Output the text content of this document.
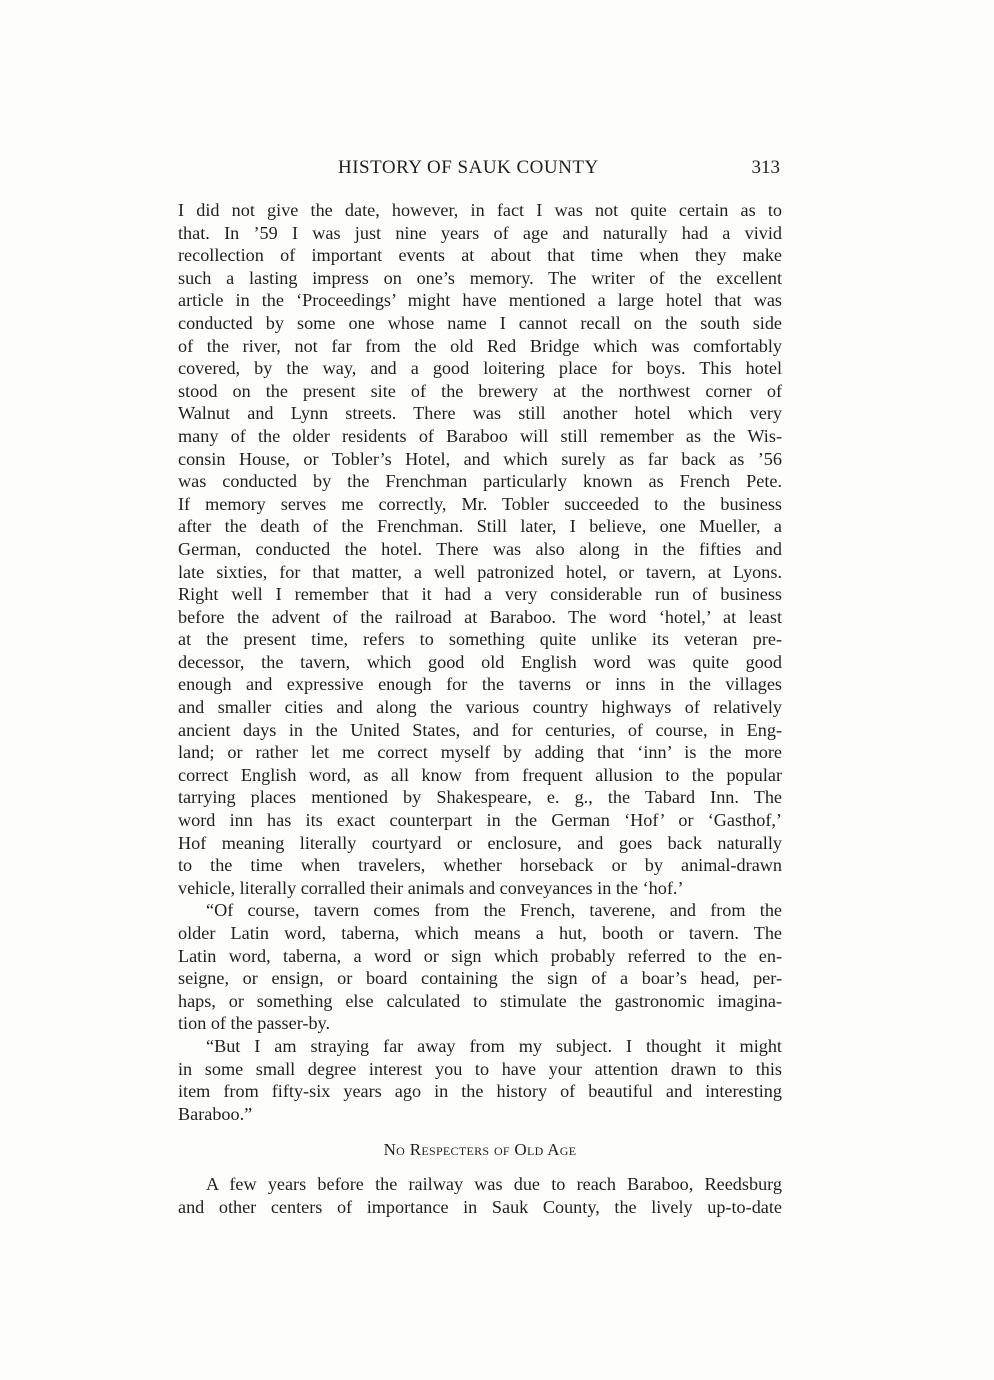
HISTORY OF SAUK COUNTY	313
I did not give the date, however, in fact I was not quite certain as to
that. In ’59 I was just nine years of age and naturally had a vivid
recollection of important events at about that time when they make
such a lasting impress on one’s memory. The writer of the excellent
article in the ‘Proceedings’ might have mentioned a large hotel that was
conducted by some one whose name I cannot recall on the south side
of the river, not far from the old Red Bridge which was comfortably
covered, by the way, and a good loitering place for boys. This hotel
stood on the present site of the brewery at the northwest corner of
Walnut and Lynn streets. There was still another hotel which very
many of the older residents of Baraboo will still remember as the Wis-
consin House, or Tobler’s Hotel, and which surely as far back as ’56
was conducted by the Frenchman particularly known as French Pete.
If memory serves me correctly, Mr. Tobler succeeded to the business
after the death of the Frenchman. Still later, I believe, one Mueller, a
German, conducted the hotel. There was also along in the fifties and
late sixties, for that matter, a well patronized hotel, or tavern, at Lyons.
Right well I remember that it had a very considerable run of business
before the advent of the railroad at Baraboo. The word ‘hotel,’ at least
at the present time, refers to something quite unlike its veteran pre-
decessor, the tavern, which good old English word was quite good
enough and expressive enough for the taverns or inns in the villages
and smaller cities and along the various country highways of relatively
ancient days in the United States, and for centuries, of course, in Eng-
land; or rather let me correct myself by adding that ‘inn’ is the more
correct English word, as all know from frequent allusion to the popular
tarrying places mentioned by Shakespeare, e. g., the Tabard Inn. The
word inn has its exact counterpart in the German ‘Hof’ or ‘Gasthof,’
Hof meaning literally courtyard or enclosure, and goes back naturally
to the time when travelers, whether horseback or by animal-drawn
vehicle, literally corralled their animals and conveyances in the ‘hof.’
“Of course, tavern comes from the French, taverene, and from the
older Latin word, taberna, which means a hut, booth or tavern. The
Latin word, taberna, a word or sign which probably referred to the en-
seigne, or ensign, or board containing the sign of a boar’s head, per-
haps, or something else calculated to stimulate the gastronomic imagina-
tion of the passer-by.
“But I am straying far away from my subject. I thought it might
in some small degree interest you to have your attention drawn to this
item from fifty-six years ago in the history of beautiful and interesting
Baraboo.”
No Respecters of Old Age
A few years before the railway was due to reach Baraboo, Reedsburg
and other centers of importance in Sauk County, the lively up-to-date
